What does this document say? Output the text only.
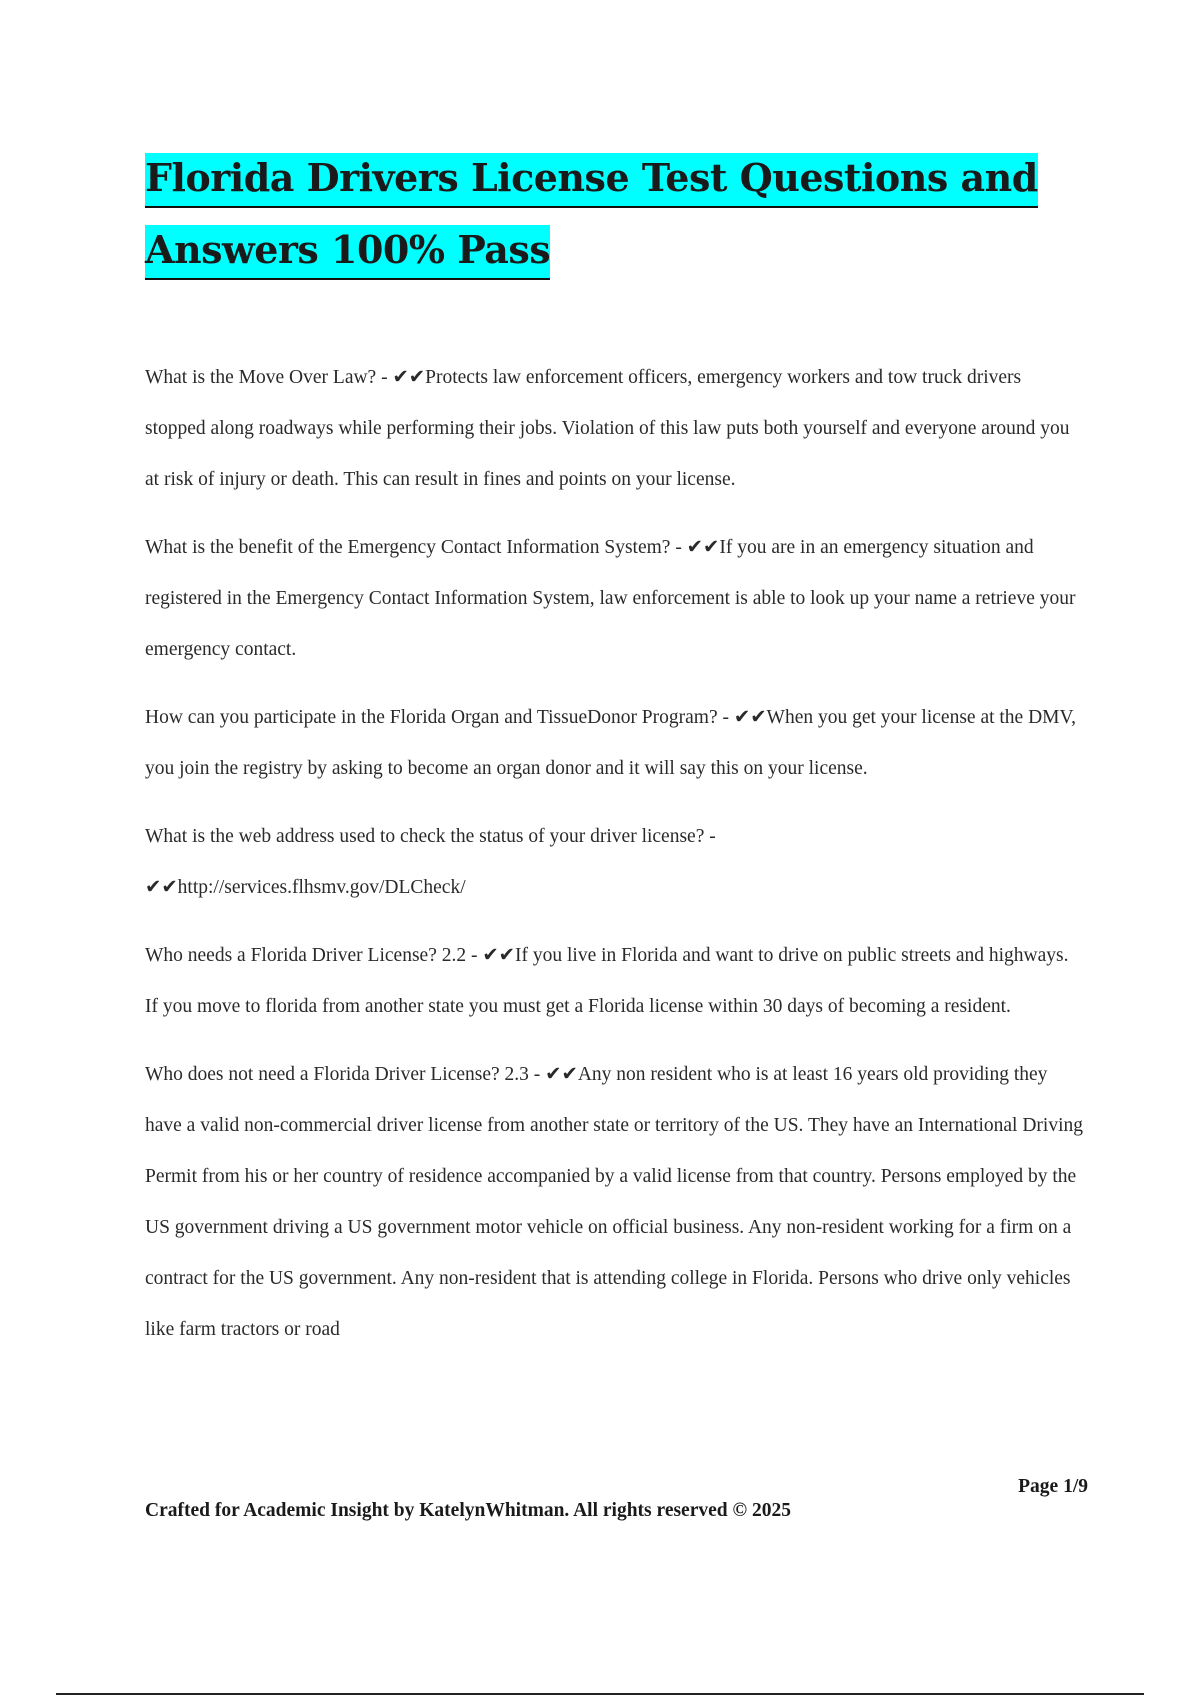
Florida Drivers License Test Questions and
Answers 100% Pass

What is the Move Over Law? - ✔✔Protects law enforcement officers, emergency workers and tow truck drivers stopped along roadways while performing their jobs. Violation of this law puts both yourself and everyone around you at risk of injury or death. This can result in fines and points on your license.

What is the benefit of the Emergency Contact Information System? - ✔✔If you are in an emergency situation and registered in the Emergency Contact Information System, law enforcement is able to look up your name a retrieve your emergency contact.

How can you participate in the Florida Organ and TissueDonor Program? - ✔✔When you get your license at the DMV, you join the registry by asking to become an organ donor and it will say this on your license.

What is the web address used to check the status of your driver license? -
✔✔http://services.flhsmv.gov/DLCheck/

Who needs a Florida Driver License? 2.2 - ✔✔If you live in Florida and want to drive on public streets and highways. If you move to florida from another state you must get a Florida license within 30 days of becoming a resident.

Who does not need a Florida Driver License? 2.3 - ✔✔Any non resident who is at least 16 years old providing they have a valid non-commercial driver license from another state or territory of the US. They have an International Driving Permit from his or her country of residence accompanied by a valid license from that country. Persons employed by the US government driving a US government motor vehicle on official business. Any non-resident working for a firm on a contract for the US government. Any non-resident that is attending college in Florida. Persons who drive only vehicles like farm tractors or road

Page 1/9
Crafted for Academic Insight by KatelynWhitman. All rights reserved © 2025
